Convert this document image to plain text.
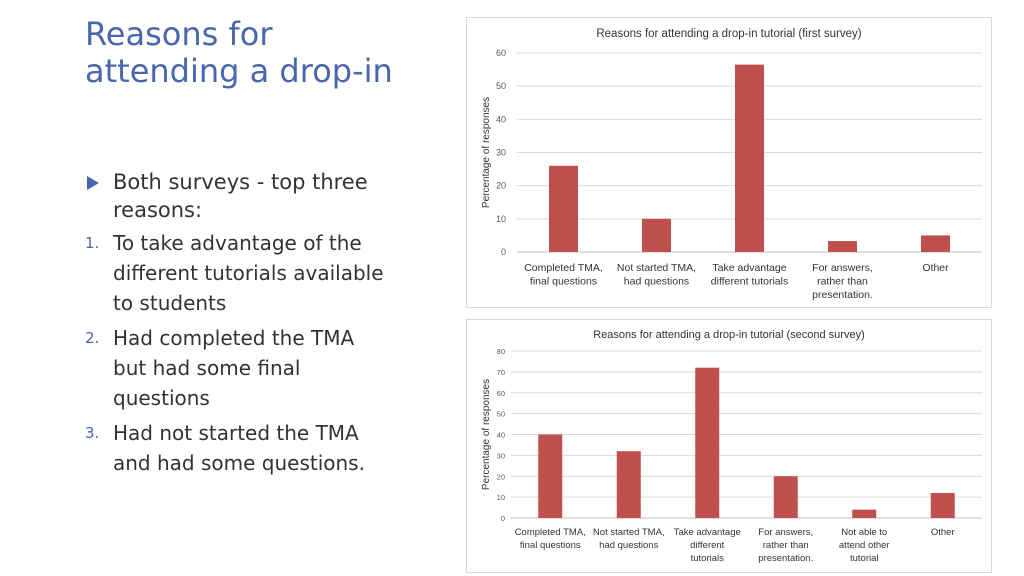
Reasons for attending a drop-in
Both surveys - top three reasons:
1. To take advantage of the different tutorials available to students
2. Had completed the TMA but had some final questions
3. Had not started the TMA and had some questions.
Reasons for attending a drop-in tutorial (first survey)
Percentage of responses
0
10
20
30
40
50
60
Completed TMA, final questions
Not started TMA, had questions
Take advantage different tutorials
For answers, rather than presentation.
Other
Reasons for attending a drop-in tutorial (second survey)
Percentage of responses
0
10
20
30
40
50
60
70
80
Completed TMA, final questions
Not started TMA, had questions
Take advantage different tutorials
For answers, rather than presentation.
Not able to attend other tutorial
Other
